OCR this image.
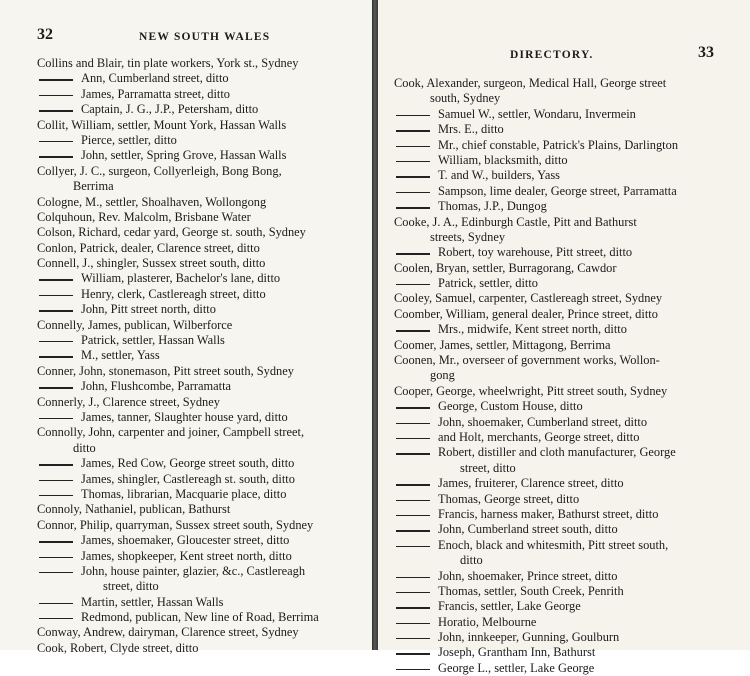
32	NEW SOUTH WALES
Collins and Blair, tin plate workers, York st., Sydney
Ann, Cumberland street, ditto
James, Parramatta street, ditto
Captain, J. G., J.P., Petersham, ditto
Collit, William, settler, Mount York, Hassan Walls
Pierce, settler, ditto
John, settler, Spring Grove, Hassan Walls
Collyer, J. C., surgeon, Collyerleigh, Bong Bong,
Berrima
Cologne, M., settler, Shoalhaven, Wollongong
Colquhoun, Rev. Malcolm, Brisbane Water
Colson, Richard, cedar yard, George st. south, Sydney
Conlon, Patrick, dealer, Clarence street, ditto
Connell, J., shingler, Sussex street south, ditto
William, plasterer, Bachelor's lane, ditto
Henry, clerk, Castlereagh street, ditto
John, Pitt street north, ditto
Connelly, James, publican, Wilberforce
Patrick, settler, Hassan Walls
M., settler, Yass
Conner, John, stonemason, Pitt street south, Sydney
John, Flushcombe, Parramatta
Connerly, J., Clarence street, Sydney
James, tanner, Slaughter house yard, ditto
Connolly, John, carpenter and joiner, Campbell street,
ditto
James, Red Cow, George street south, ditto
James, shingler, Castlereagh st. south, ditto
Thomas, librarian, Macquarie place, ditto
Connoly, Nathaniel, publican, Bathurst
Connor, Philip, quarryman, Sussex street south, Sydney
James, shoemaker, Gloucester street, ditto
James, shopkeeper, Kent street north, ditto
John, house painter, glazier, &c., Castlereagh
street, ditto
Martin, settler, Hassan Walls
Redmond, publican, New line of Road, Berrima
Conway, Andrew, dairyman, Clarence street, Sydney
Cook, Robert, Clyde street, ditto
DIRECTORY.	33
Cook, Alexander, surgeon, Medical Hall, George street
south, Sydney
Samuel W., settler, Wondaru, Invermein
Mrs. E., ditto
Mr., chief constable, Patrick's Plains, Darlington
William, blacksmith, ditto
T. and W., builders, Yass
Sampson, lime dealer, George street, Parramatta
Thomas, J.P., Dungog
Cooke, J. A., Edinburgh Castle, Pitt and Bathurst
streets, Sydney
Robert, toy warehouse, Pitt street, ditto
Coolen, Bryan, settler, Burragorang, Cawdor
Patrick, settler, ditto
Cooley, Samuel, carpenter, Castlereagh street, Sydney
Coomber, William, general dealer, Prince street, ditto
Mrs., midwife, Kent street north, ditto
Coomer, James, settler, Mittagong, Berrima
Coonen, Mr., overseer of government works, Wollon-
gong
Cooper, George, wheelwright, Pitt street south, Sydney
George, Custom House, ditto
John, shoemaker, Cumberland street, ditto
and Holt, merchants, George street, ditto
Robert, distiller and cloth manufacturer, George
street, ditto
James, fruiterer, Clarence street, ditto
Thomas, George street, ditto
Francis, harness maker, Bathurst street, ditto
John, Cumberland street south, ditto
Enoch, black and whitesmith, Pitt street south,
ditto
John, shoemaker, Prince street, ditto
Thomas, settler, South Creek, Penrith
Francis, settler, Lake George
Horatio, Melbourne
John, innkeeper, Gunning, Goulburn
Joseph, Grantham Inn, Bathurst
George L., settler, Lake George
